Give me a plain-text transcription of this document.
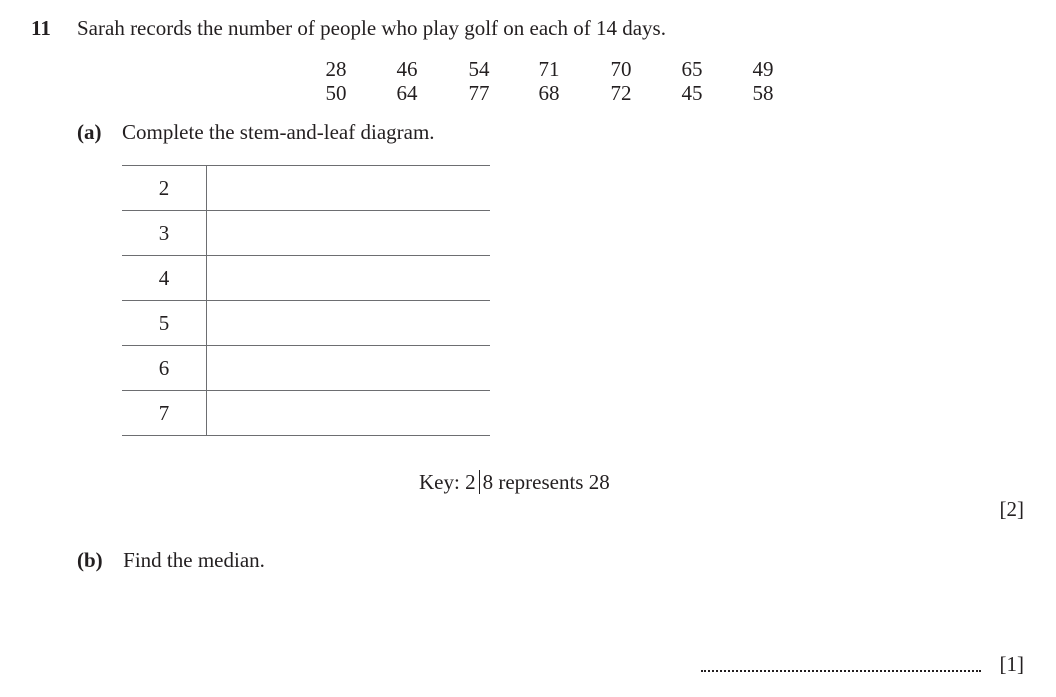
11 Sarah records the number of people who play golf on each of 14 days.
28	46	54	71	70	65	49
50	64	77	68	72	45	58
(a) Complete the stem-and-leaf diagram.
2	
3	
4	
5	
6	
7	
Key: 2 8 represents 28
[2]
(b) Find the median.
[1]
